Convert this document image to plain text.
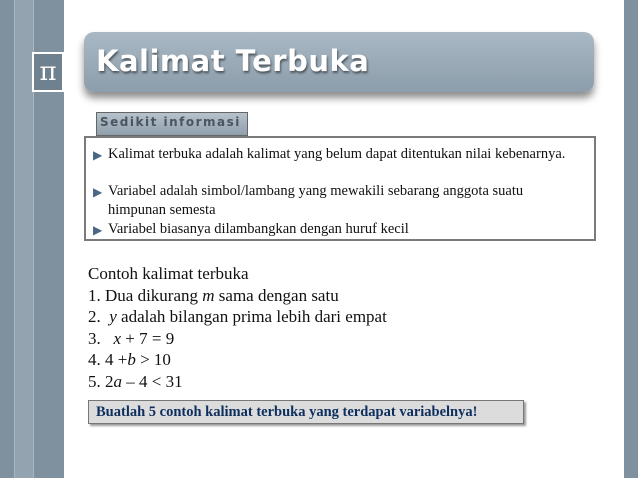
π Kalimat Terbuka
Sedikit informasi
▶ Kalimat terbuka adalah kalimat yang belum dapat ditentukan nilai kebenarnya.
▶ Variabel adalah simbol/lambang yang mewakili sebarang anggota suatu himpunan semesta
▶ Variabel biasanya dilambangkan dengan huruf kecil
Contoh kalimat terbuka
1. Dua dikurang m sama dengan satu
2. y adalah bilangan prima lebih dari empat
3. x + 7 = 9
4. 4 +b > 10
5. 2a – 4 < 31
Buatlah 5 contoh kalimat terbuka yang terdapat variabelnya!
